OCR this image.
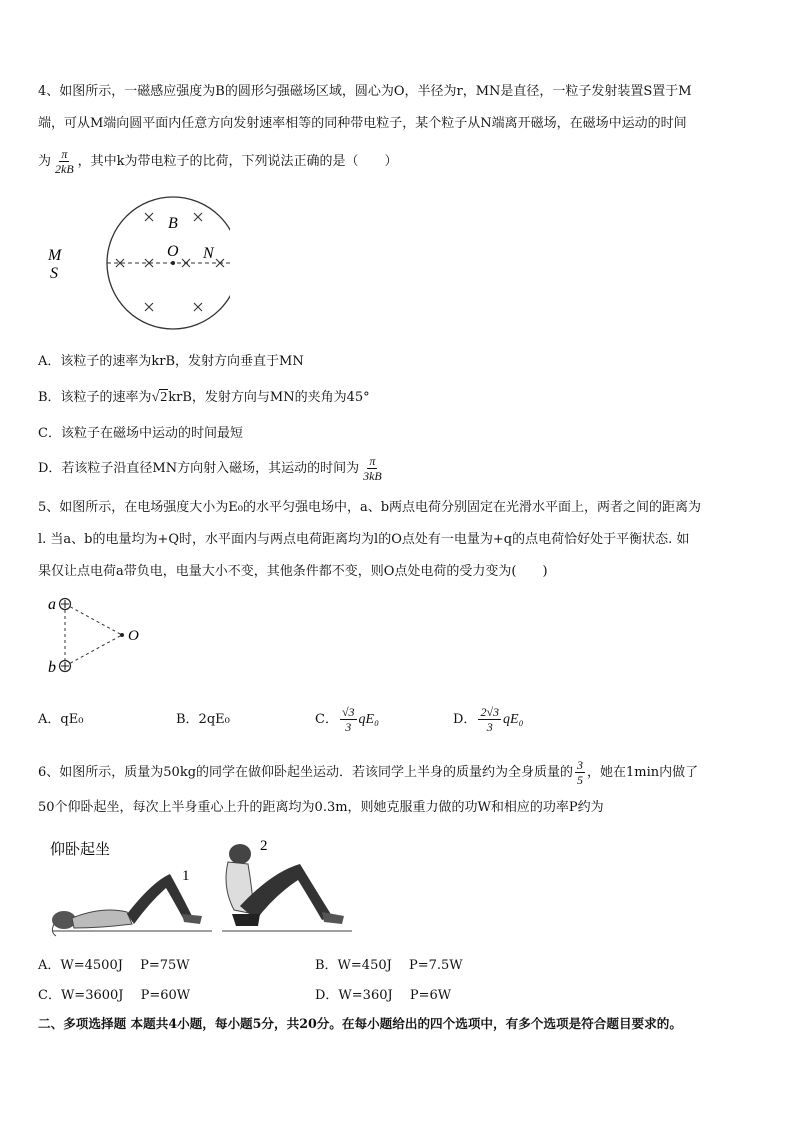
4、如图所示，一磁感应强度为B的圆形匀强磁场区域，圆心为O，半径为r，MN是直径，一粒子发射装置S置于M
端，可从M端向圆平面内任意方向发射速率相等的同种带电粒子，某个粒子从N端离开磁场，在磁场中运动的时间
为 $\frac{\pi}{2kB}$ ，其中k为带电粒子的比荷，下列说法正确的是（　　）
B
O
M
S
N
A．该粒子的速率为krB，发射方向垂直于MN
B．该粒子的速率为√2krB，发射方向与MN的夹角为45°
C．该粒子在磁场中运动的时间最短
D．若该粒子沿直径MN方向射入磁场，其运动的时间为 $\frac{\pi}{3kB}$
5、如图所示，在电场强度大小为E₀的水平匀强电场中，a、b两点电荷分别固定在光滑水平面上，两者之间的距离为
l. 当a、b的电量均为+Q时，水平面内与两点电荷距离均为l的O点处有一电量为+q的点电荷恰好处于平衡状态. 如
果仅让点电荷a带负电，电量大小不变，其他条件都不变，则O点处电荷的受力变为(　　)
a
b
O
A．qE₀	B．2qE₀	C． $\frac{√3}{3} qE_0$	D． $\frac{2√3}{3} qE_0$
6、如图所示，质量为50kg的同学在做仰卧起坐运动．若该同学上半身的质量约为全身质量的 $\frac{3}{5}$ ，她在1min内做了
50个仰卧起坐，每次上半身重心上升的距离均为0.3m，则她克服重力做的功W和相应的功率P约为
仰卧起坐
1
2
A．W=4500J　 P=75W	B．W=450J　 P=7.5W
C．W=3600J　 P=60W	D．W=360J　 P=6W
二、多项选择题 本题共4小题，每小题5分，共20分。在每小题给出的四个选项中，有多个选项是符合题目要求的。
